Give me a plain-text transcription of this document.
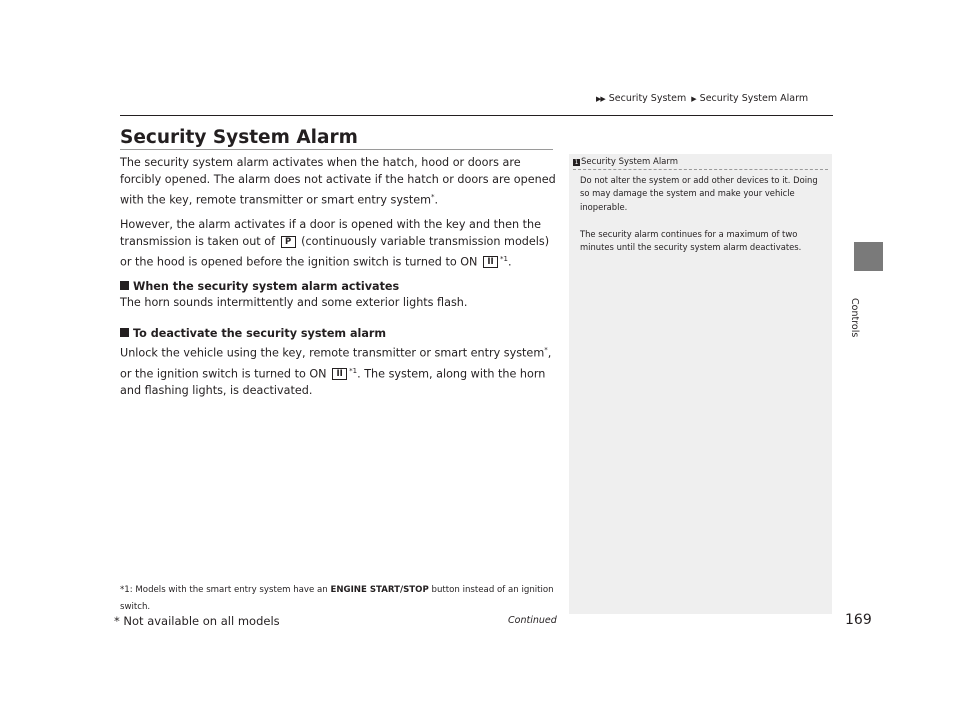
▶▶ Security System ▶ Security System Alarm
Controls
Security System Alarm
The security system alarm activates when the hatch, hood or doors are forcibly opened. The alarm does not activate if the hatch or doors are opened with the key, remote transmitter or smart entry system*.
However, the alarm activates if a door is opened with the key and then the transmission is taken out of P (continuously variable transmission models) or the hood is opened before the ignition switch is turned to ON II $^{*1}$.
When the security system alarm activates
The horn sounds intermittently and some exterior lights flash.
To deactivate the security system alarm
Unlock the vehicle using the key, remote transmitter or smart entry system*, or the ignition switch is turned to ON II $^{*1}$. The system, along with the horn and flashing lights, is deactivated.
*1: Models with the smart entry system have an ENGINE START/STOP button instead of an ignition switch.
1 Security System Alarm
Do not alter the system or add other devices to it. Doing so may damage the system and make your vehicle inoperable.
The security alarm continues for a maximum of two minutes until the security system alarm deactivates.
* Not available on all models	Continued	169
